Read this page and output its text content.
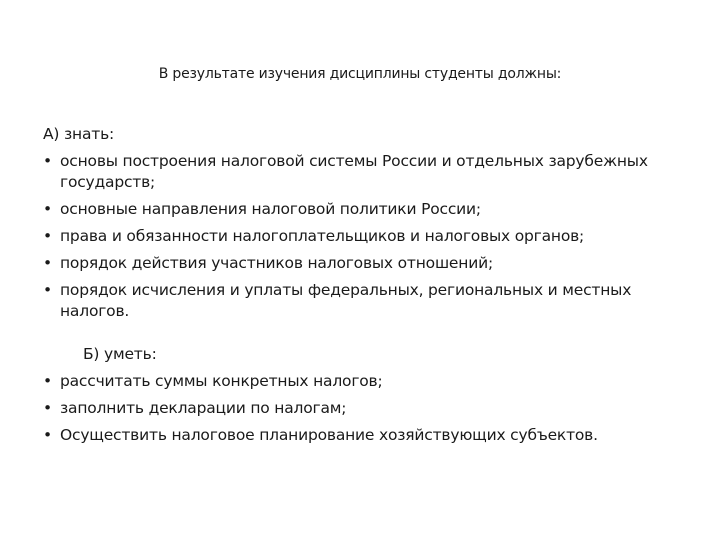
В результате изучения дисциплины студенты должны:
А) знать:
• основы построения налоговой системы России и отдельных зарубежных государств;
• основные направления налоговой политики России;
• права и обязанности налогоплательщиков и налоговых органов;
• порядок действия участников налоговых отношений;
• порядок исчисления и уплаты федеральных, региональных и местных налогов.
Б) уметь:
• рассчитать суммы конкретных налогов;
• заполнить декларации по налогам;
• Осуществить налоговое планирование хозяйствующих субъектов.
